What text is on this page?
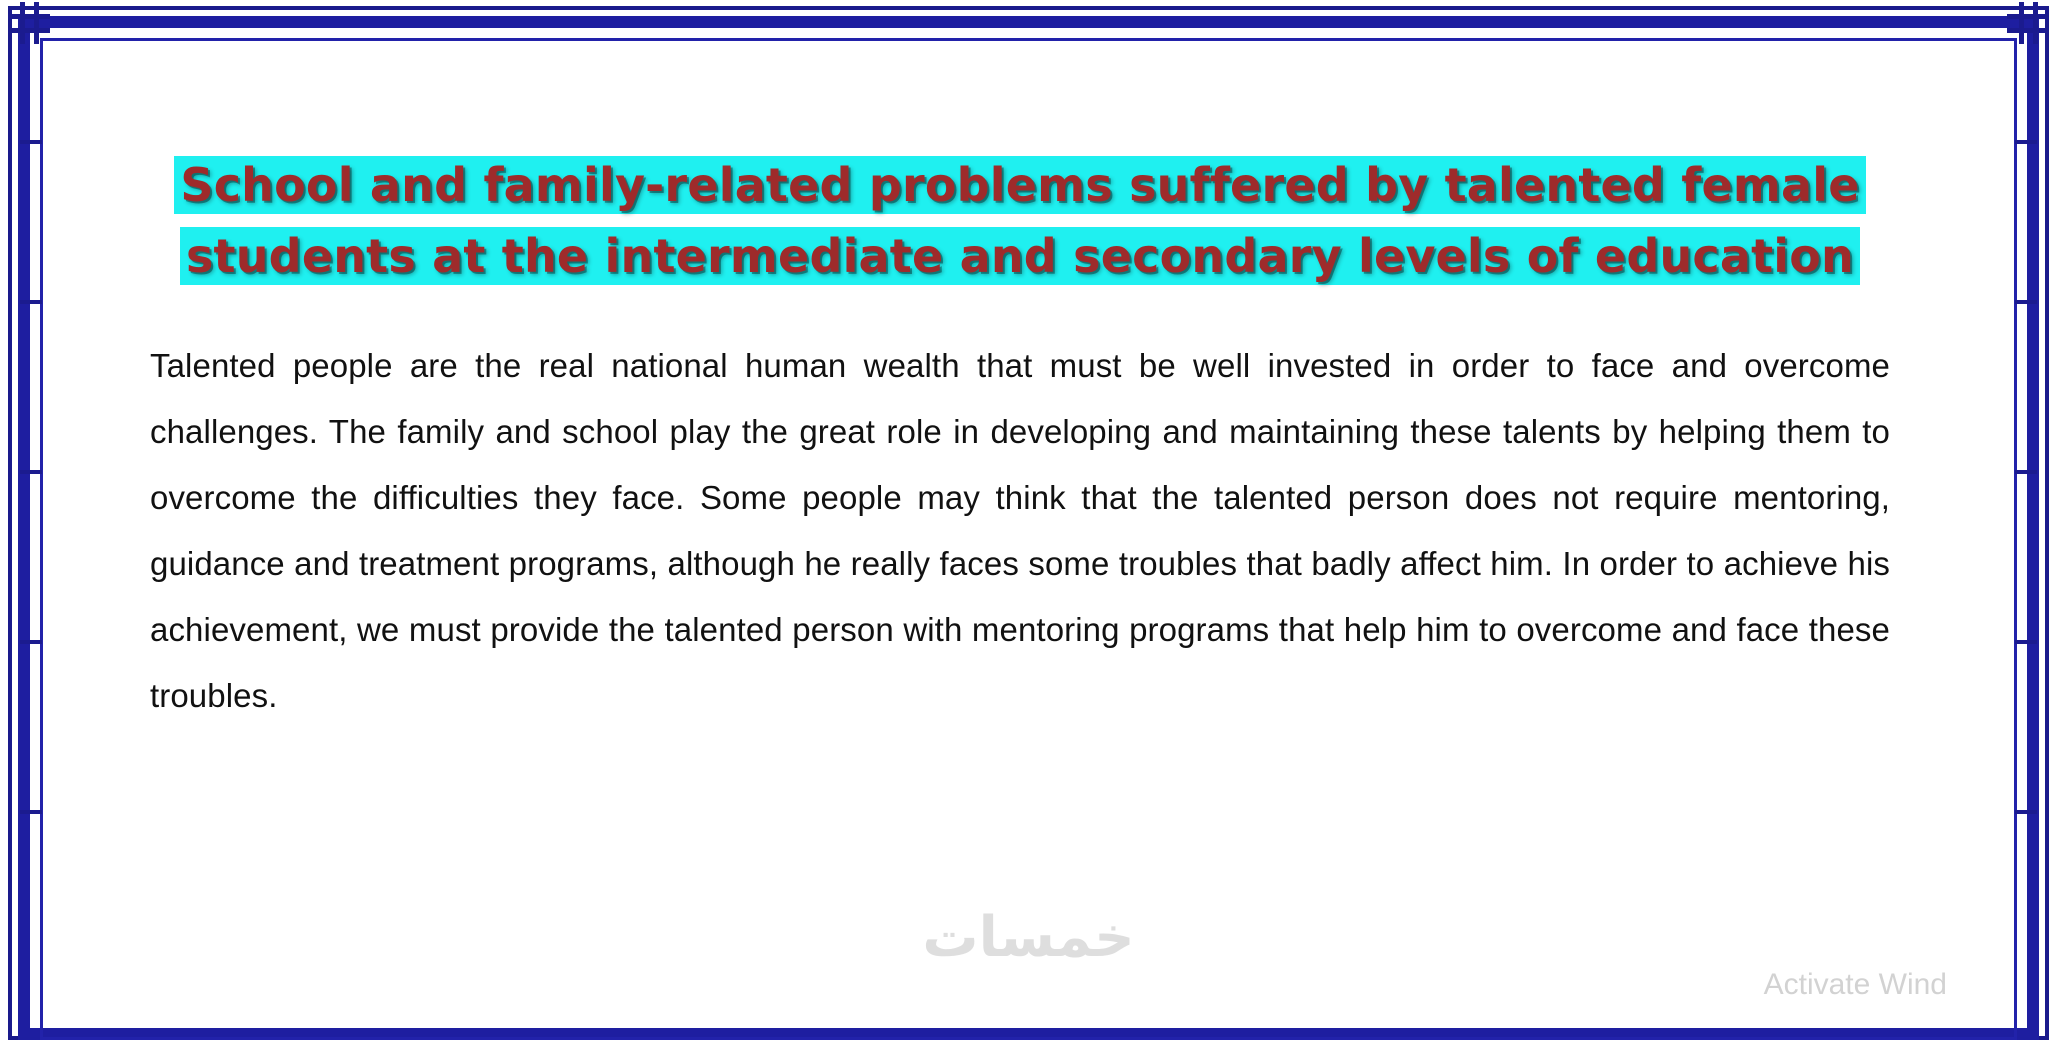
School and family-related problems suffered by talented female students at the intermediate and secondary levels of education

Talented people are the real national human wealth that must be well invested in order to face and overcome challenges. The family and school play the great role in developing and maintaining these talents by helping them to overcome the difficulties they face. Some people may think that the talented person does not require mentoring, guidance and treatment programs, although he really faces some troubles that badly affect him. In order to achieve his achievement, we must provide the talented person with mentoring programs that help him to overcome and face these troubles.

خمسات
Activate Wind
